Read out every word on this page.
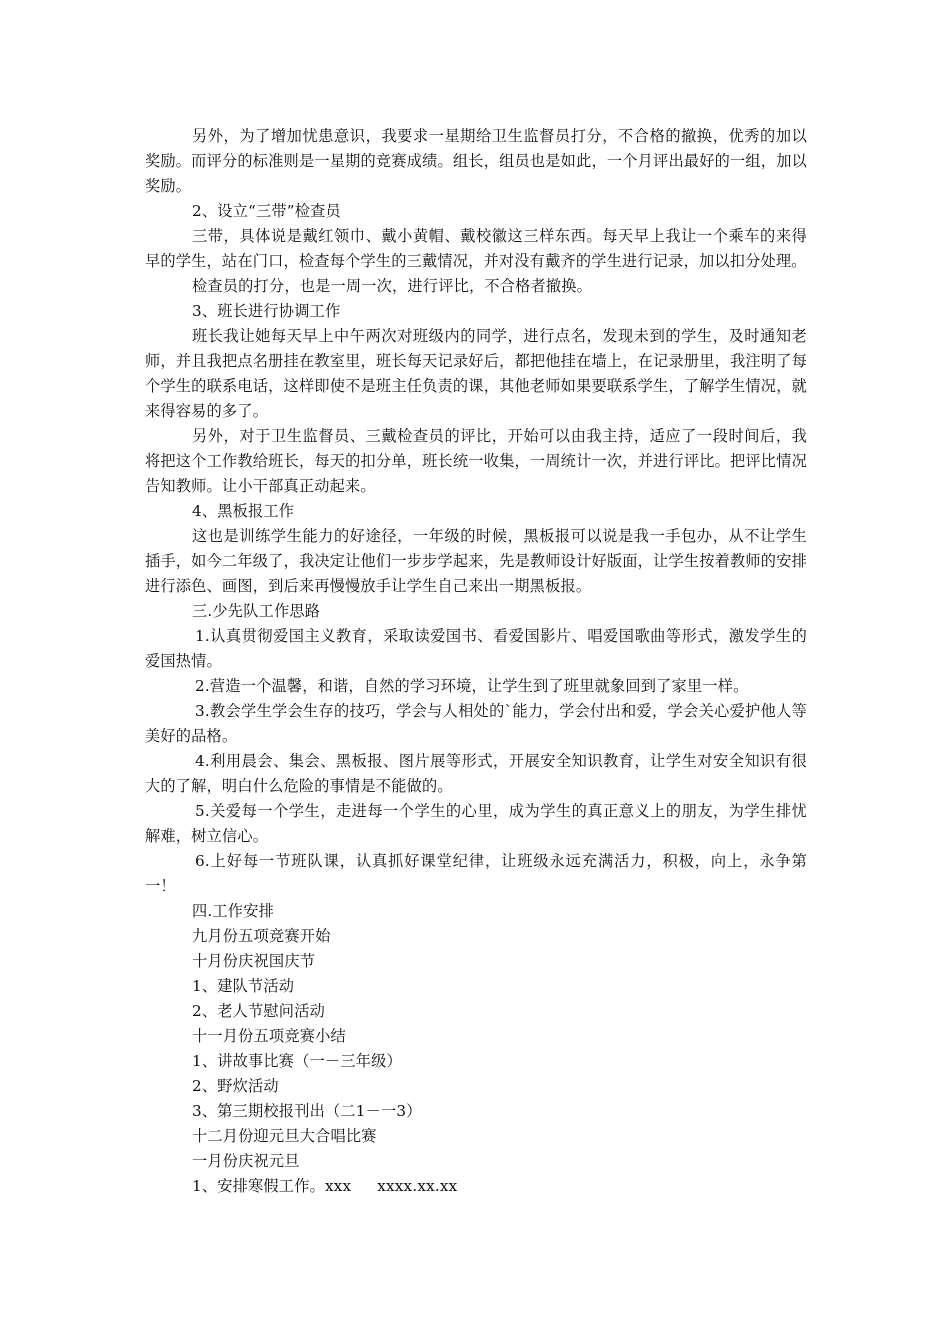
另外，为了增加忧患意识，我要求一星期给卫生监督员打分，不合格的撤换，优秀的加以奖励。而评分的标准则是一星期的竞赛成绩。组长，组员也是如此，一个月评出最好的一组，加以奖励。

2、设立“三带”检查员

三带，具体说是戴红领巾、戴小黄帽、戴校徽这三样东西。每天早上我让一个乘车的来得早的学生，站在门口，检查每个学生的三戴情况，并对没有戴齐的学生进行记录，加以扣分处理。

检查员的打分，也是一周一次，进行评比，不合格者撤换。

3、班长进行协调工作

班长我让她每天早上中午两次对班级内的同学，进行点名，发现未到的学生，及时通知老师，并且我把点名册挂在教室里，班长每天记录好后，都把他挂在墙上，在记录册里，我注明了每个学生的联系电话，这样即使不是班主任负责的课，其他老师如果要联系学生，了解学生情况，就来得容易的多了。

另外，对于卫生监督员、三戴检查员的评比，开始可以由我主持，适应了一段时间后，我将把这个工作教给班长，每天的扣分单，班长统一收集，一周统计一次，并进行评比。把评比情况告知教师。让小干部真正动起来。

4、黑板报工作

这也是训练学生能力的好途径，一年级的时候，黑板报可以说是我一手包办，从不让学生插手，如今二年级了，我决定让他们一步步学起来，先是教师设计好版面，让学生按着教师的安排进行添色、画图，到后来再慢慢放手让学生自己来出一期黑板报。

三.少先队工作思路

1.认真贯彻爱国主义教育，采取读爱国书、看爱国影片、唱爱国歌曲等形式，激发学生的爱国热情。

2.营造一个温馨，和谐，自然的学习环境，让学生到了班里就象回到了家里一样。

3.教会学生学会生存的技巧，学会与人相处的`能力，学会付出和爱，学会关心爱护他人等美好的品格。

4.利用晨会、集会、黑板报、图片展等形式，开展安全知识教育，让学生对安全知识有很大的了解，明白什么危险的事情是不能做的。

5.关爱每一个学生，走进每一个学生的心里，成为学生的真正意义上的朋友，为学生排忧解难，树立信心。

6.上好每一节班队课，认真抓好课堂纪律，让班级永远充满活力，积极，向上，永争第一！

四.工作安排

九月份五项竞赛开始

十月份庆祝国庆节

1、建队节活动

2、老人节慰问活动

十一月份五项竞赛小结

1、讲故事比赛（一－三年级）

2、野炊活动

3、第三期校报刊出（二1－一3）

十二月份迎元旦大合唱比赛

一月份庆祝元旦

1、安排寒假工作。xxx xxxx.xx.xx
